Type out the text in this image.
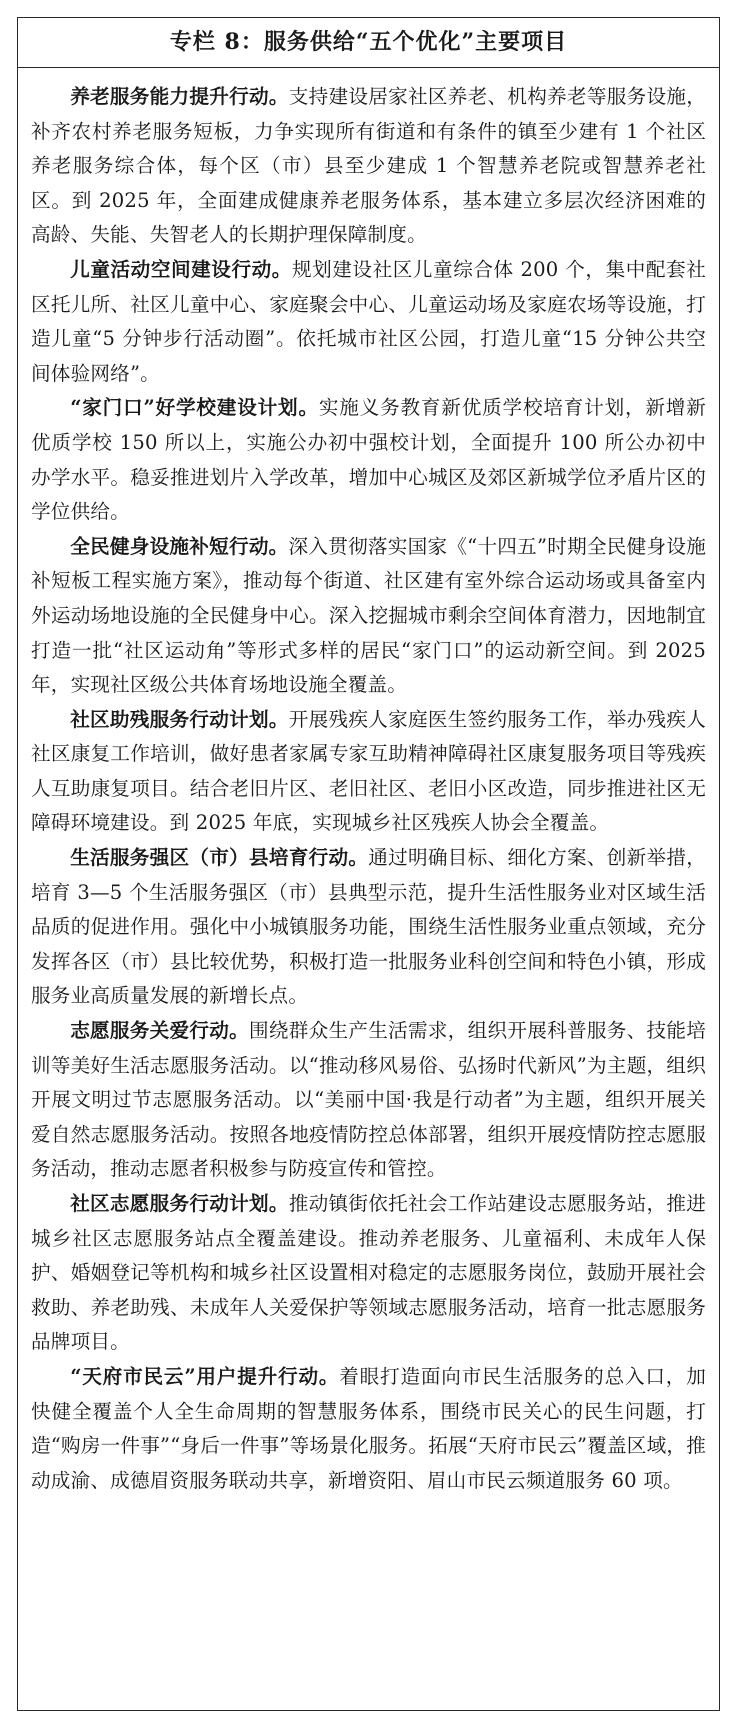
专栏 8：服务供给“五个优化”主要项目

养老服务能力提升行动。支持建设居家社区养老、机构养老等服务设施，补齐农村养老服务短板，力争实现所有街道和有条件的镇至少建有 1 个社区养老服务综合体，每个区（市）县至少建成 1 个智慧养老院或智慧养老社区。到 2025 年，全面建成健康养老服务体系，基本建立多层次经济困难的高龄、失能、失智老人的长期护理保障制度。

儿童活动空间建设行动。规划建设社区儿童综合体 200 个，集中配套社区托儿所、社区儿童中心、家庭聚会中心、儿童运动场及家庭农场等设施，打造儿童“5 分钟步行活动圈”。依托城市社区公园，打造儿童“15 分钟公共空间体验网络”。

“家门口”好学校建设计划。实施义务教育新优质学校培育计划，新增新优质学校 150 所以上，实施公办初中强校计划，全面提升 100 所公办初中办学水平。稳妥推进划片入学改革，增加中心城区及郊区新城学位矛盾片区的学位供给。

全民健身设施补短行动。深入贯彻落实国家《“十四五”时期全民健身设施补短板工程实施方案》，推动每个街道、社区建有室外综合运动场或具备室内外运动场地设施的全民健身中心。深入挖掘城市剩余空间体育潜力，因地制宜打造一批“社区运动角”等形式多样的居民“家门口”的运动新空间。到 2025 年，实现社区级公共体育场地设施全覆盖。

社区助残服务行动计划。开展残疾人家庭医生签约服务工作，举办残疾人社区康复工作培训，做好患者家属专家互助精神障碍社区康复服务项目等残疾人互助康复项目。结合老旧片区、老旧社区、老旧小区改造，同步推进社区无障碍环境建设。到 2025 年底，实现城乡社区残疾人协会全覆盖。

生活服务强区（市）县培育行动。通过明确目标、细化方案、创新举措，培育 3—5 个生活服务强区（市）县典型示范，提升生活性服务业对区域生活品质的促进作用。强化中小城镇服务功能，围绕生活性服务业重点领域，充分发挥各区（市）县比较优势，积极打造一批服务业科创空间和特色小镇，形成服务业高质量发展的新增长点。

志愿服务关爱行动。围绕群众生产生活需求，组织开展科普服务、技能培训等美好生活志愿服务活动。以“推动移风易俗、弘扬时代新风”为主题，组织开展文明过节志愿服务活动。以“美丽中国·我是行动者”为主题，组织开展关爱自然志愿服务活动。按照各地疫情防控总体部署，组织开展疫情防控志愿服务活动，推动志愿者积极参与防疫宣传和管控。

社区志愿服务行动计划。推动镇街依托社会工作站建设志愿服务站，推进城乡社区志愿服务站点全覆盖建设。推动养老服务、儿童福利、未成年人保护、婚姻登记等机构和城乡社区设置相对稳定的志愿服务岗位，鼓励开展社会救助、养老助残、未成年人关爱保护等领域志愿服务活动，培育一批志愿服务品牌项目。

“天府市民云”用户提升行动。着眼打造面向市民生活服务的总入口，加快健全覆盖个人全生命周期的智慧服务体系，围绕市民关心的民生问题，打造“购房一件事”“身后一件事”等场景化服务。拓展“天府市民云”覆盖区域，推动成渝、成德眉资服务联动共享，新增资阳、眉山市民云频道服务 60 项。
